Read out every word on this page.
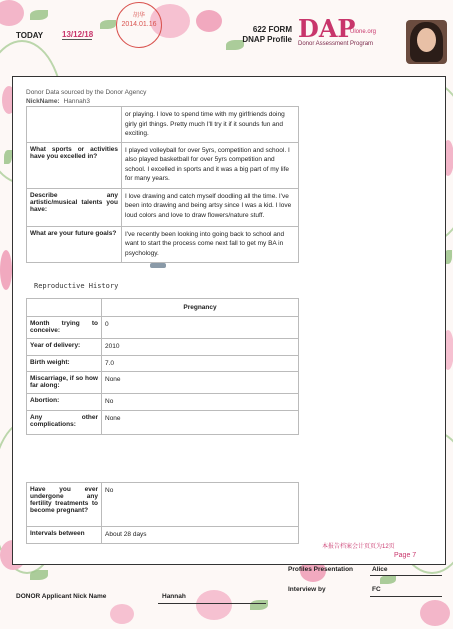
TODAY 13/12/18
胡华
2014.01.16
622 FORM
DNAP Profile DAP
Ulone.org
Donor Assessment Program
Donor Data sourced by the Donor Agency
NickName: Hannah3
	or playing. I love to spend time with my girlfriends doing girly girl things. Pretty much I'll try it if it sounds fun and exciting.
What sports or activities have you excelled in?	I played volleyball for over 5yrs, competition and school. I also played basketball for over 5yrs competition and school. I excelled in sports and it was a big part of my life for many years.
Describe any artistic/musical talents you have:	I love drawing and catch myself doodling all the time. I've been into drawing and being artsy since I was a kid. I love loud colors and love to draw flowers/nature stuff.
What are your future goals?	I've recently been looking into going back to school and want to start the process come next fall to get my BA in psychology.
Reproductive History
	Pregnancy
Month trying to conceive:	0
Year of delivery:	2010
Birth weight:	7.0
Miscarriage, if so how far along:	None
Abortion:	No
Any other complications:	None
Have you ever undergone any fertility treatments to become pregnant?	No
Intervals between	About 28 days
本报告档案会计页页为12页
Page 7
Profiles Presentation	Alice
Interview by	FC
DONOR Applicant Nick Name	Hannah
